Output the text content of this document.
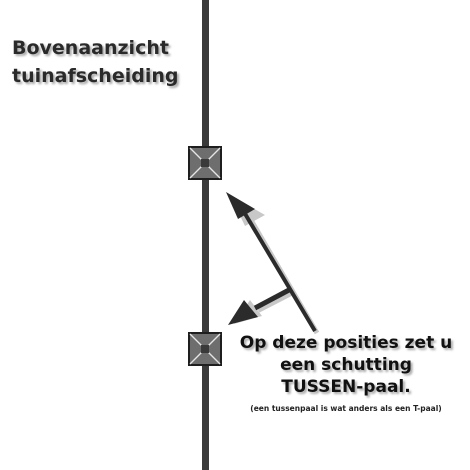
Bovenaanzicht
tuinafscheiding
Op deze posities zet u
een schutting
TUSSEN-paal.
(een tussenpaal is wat anders als een T-paal)
